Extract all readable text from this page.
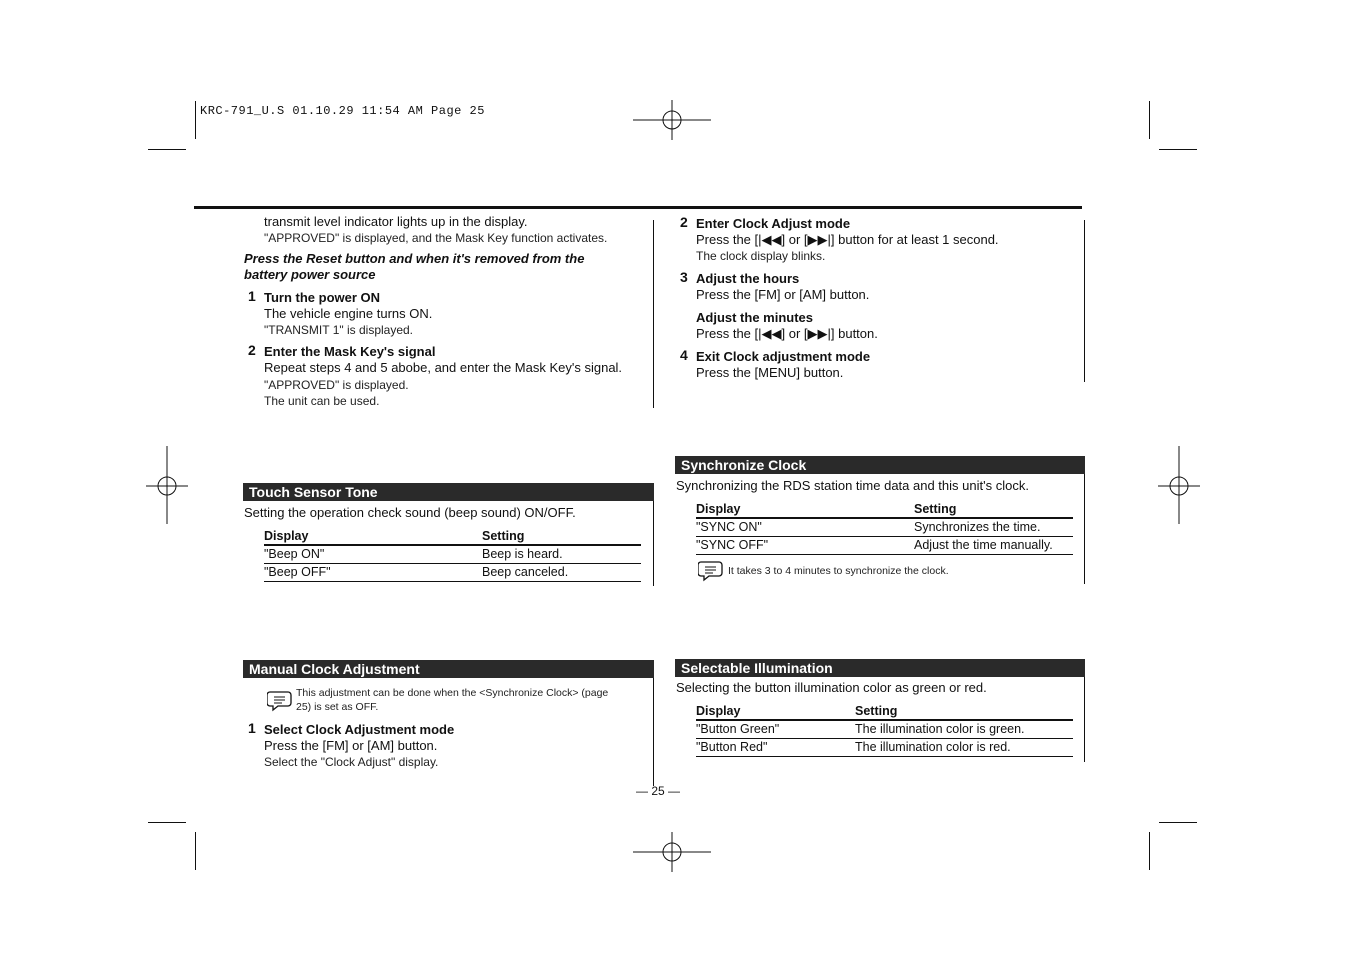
KRC-791_U.S 01.10.29 11:54 AM Page 25
transmit level indicator lights up in the display.
"APPROVED" is displayed, and the Mask Key function activates.
Press the Reset button and when it's removed from the
battery power source
1 Turn the power ON
The vehicle engine turns ON.
"TRANSMIT 1" is displayed.
2 Enter the Mask Key's signal
Repeat steps 4 and 5 abobe, and enter the Mask Key's signal.
"APPROVED" is displayed.
The unit can be used.
2 Enter Clock Adjust mode
Press the [|◀◀] or [▶▶|] button for at least 1 second.
The clock display blinks.
3 Adjust the hours
Press the [FM] or [AM] button.
Adjust the minutes
Press the [|◀◀] or [▶▶|] button.
4 Exit Clock adjustment mode
Press the [MENU] button.
Touch Sensor Tone
Setting the operation check sound (beep sound) ON/OFF.
Display	Setting
"Beep ON"	Beep is heard.
"Beep OFF"	Beep canceled.
Synchronize Clock
Synchronizing the RDS station time data and this unit's clock.
Display	Setting
"SYNC ON"	Synchronizes the time.
"SYNC OFF"	Adjust the time manually.
It takes 3 to 4 minutes to synchronize the clock.
Manual Clock Adjustment
This adjustment can be done when the <Synchronize Clock> (page
25) is set as OFF.
1 Select Clock Adjustment mode
Press the [FM] or [AM] button.
Select the "Clock Adjust" display.
Selectable Illumination
Selecting the button illumination color as green or red.
Display	Setting
"Button Green"	The illumination color is green.
"Button Red"	The illumination color is red.
— 25 —
